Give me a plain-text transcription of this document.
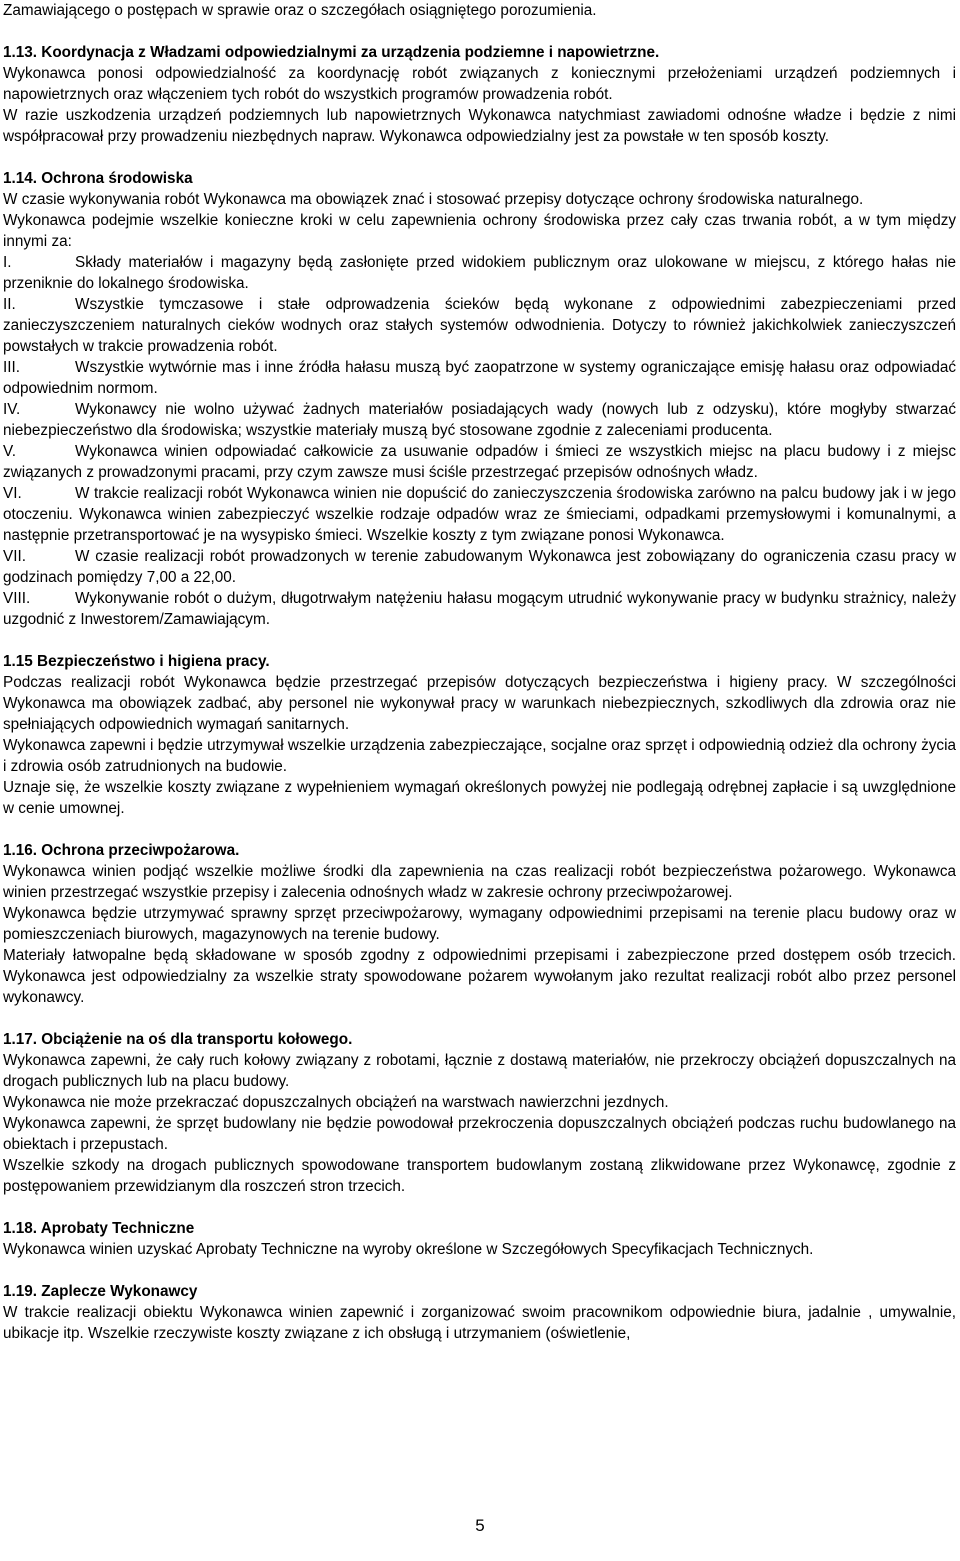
Zamawiającego o postępach w sprawie oraz o szczegółach osiągniętego porozumienia.

1.13. Koordynacja z Władzami odpowiedzialnymi za urządzenia podziemne i napowietrzne.

Wykonawca ponosi odpowiedzialność za koordynację robót związanych z koniecznymi przełożeniami urządzeń podziemnych i napowietrznych oraz włączeniem tych robót do wszystkich programów prowadzenia robót.

W razie uszkodzenia urządzeń podziemnych lub napowietrznych Wykonawca natychmiast zawiadomi odnośne władze i będzie z nimi współpracował przy prowadzeniu niezbędnych napraw. Wykonawca odpowiedzialny jest za powstałe w ten sposób koszty.

1.14. Ochrona środowiska

W czasie wykonywania robót Wykonawca ma obowiązek znać i stosować przepisy dotyczące ochrony środowiska naturalnego.

Wykonawca podejmie wszelkie konieczne kroki w celu zapewnienia ochrony środowiska przez cały czas trwania robót, a w tym między innymi za:

I.	Składy materiałów i magazyny będą zasłonięte przed widokiem publicznym oraz ulokowane w miejscu, z którego hałas nie przeniknie do lokalnego środowiska.

II.	Wszystkie tymczasowe i stałe odprowadzenia ścieków będą wykonane z odpowiednimi zabezpieczeniami przed zanieczyszczeniem naturalnych cieków wodnych oraz stałych systemów odwodnienia. Dotyczy to również jakichkolwiek zanieczyszczeń powstałych w trakcie prowadzenia robót.

III.	Wszystkie wytwórnie mas i inne źródła hałasu muszą być zaopatrzone w systemy ograniczające emisję hałasu oraz odpowiadać odpowiednim normom.

IV.	Wykonawcy nie wolno używać żadnych materiałów posiadających wady (nowych lub z odzysku), które mogłyby stwarzać niebezpieczeństwo dla środowiska; wszystkie materiały muszą być stosowane zgodnie z zaleceniami producenta.

V.	Wykonawca winien odpowiadać całkowicie za usuwanie odpadów i śmieci ze wszystkich miejsc na placu budowy i z miejsc związanych z prowadzonymi pracami, przy czym zawsze musi ściśle przestrzegać przepisów odnośnych władz.

VI.	W trakcie realizacji robót Wykonawca winien nie dopuścić do zanieczyszczenia środowiska zarówno na palcu budowy jak i w jego otoczeniu. Wykonawca winien zabezpieczyć wszelkie rodzaje odpadów wraz ze śmieciami, odpadkami przemysłowymi i komunalnymi, a następnie przetransportować je na wysypisko śmieci. Wszelkie koszty z tym związane ponosi Wykonawca.

VII.	W czasie realizacji robót prowadzonych w terenie zabudowanym Wykonawca jest zobowiązany do ograniczenia czasu pracy w godzinach pomiędzy 7,00 a 22,00.

VIII.	Wykonywanie robót o dużym, długotrwałym natężeniu hałasu mogącym utrudnić wykonywanie pracy w budynku strażnicy, należy uzgodnić z Inwestorem/Zamawiającym.

1.15 Bezpieczeństwo i higiena pracy.

Podczas realizacji robót Wykonawca będzie przestrzegać przepisów dotyczących bezpieczeństwa i higieny pracy. W szczególności Wykonawca ma obowiązek zadbać, aby personel nie wykonywał pracy w warunkach niebezpiecznych, szkodliwych dla zdrowia oraz nie spełniających odpowiednich wymagań sanitarnych.

Wykonawca zapewni i będzie utrzymywał wszelkie urządzenia zabezpieczające, socjalne oraz sprzęt i odpowiednią odzież dla ochrony życia i zdrowia osób zatrudnionych na budowie.

Uznaje się, że wszelkie koszty związane z wypełnieniem wymagań określonych powyżej nie podlegają odrębnej zapłacie i są uwzględnione w cenie umownej.

1.16. Ochrona przeciwpożarowa.

Wykonawca winien podjąć wszelkie możliwe środki dla zapewnienia na czas realizacji robót bezpieczeństwa pożarowego. Wykonawca winien przestrzegać wszystkie przepisy i zalecenia odnośnych władz w zakresie ochrony przeciwpożarowej.

Wykonawca będzie utrzymywać sprawny sprzęt przeciwpożarowy, wymagany odpowiednimi przepisami na terenie placu budowy oraz w pomieszczeniach biurowych, magazynowych na terenie budowy.

Materiały łatwopalne będą składowane w sposób zgodny z odpowiednimi przepisami i zabezpieczone przed dostępem osób trzecich. Wykonawca jest odpowiedzialny za wszelkie straty spowodowane pożarem wywołanym jako rezultat realizacji robót albo przez personel wykonawcy.

1.17. Obciążenie na oś dla transportu kołowego.

Wykonawca zapewni, że cały ruch kołowy związany z robotami, łącznie z dostawą materiałów, nie przekroczy obciążeń dopuszczalnych na drogach publicznych lub na placu budowy.

Wykonawca nie może przekraczać dopuszczalnych obciążeń na warstwach nawierzchni jezdnych.

Wykonawca zapewni, że sprzęt budowlany nie będzie powodował przekroczenia dopuszczalnych obciążeń podczas ruchu budowlanego na obiektach i przepustach.

Wszelkie szkody na drogach publicznych spowodowane transportem budowlanym zostaną zlikwidowane przez Wykonawcę, zgodnie z postępowaniem przewidzianym dla roszczeń stron trzecich.

1.18. Aprobaty Techniczne

Wykonawca winien uzyskać Aprobaty Techniczne na wyroby określone w Szczegółowych Specyfikacjach Technicznych.

1.19. Zaplecze Wykonawcy

W trakcie realizacji obiektu Wykonawca winien zapewnić i zorganizować swoim pracownikom odpowiednie biura, jadalnie , umywalnie, ubikacje itp. Wszelkie rzeczywiste koszty związane z ich obsługą i utrzymaniem (oświetlenie,

5
